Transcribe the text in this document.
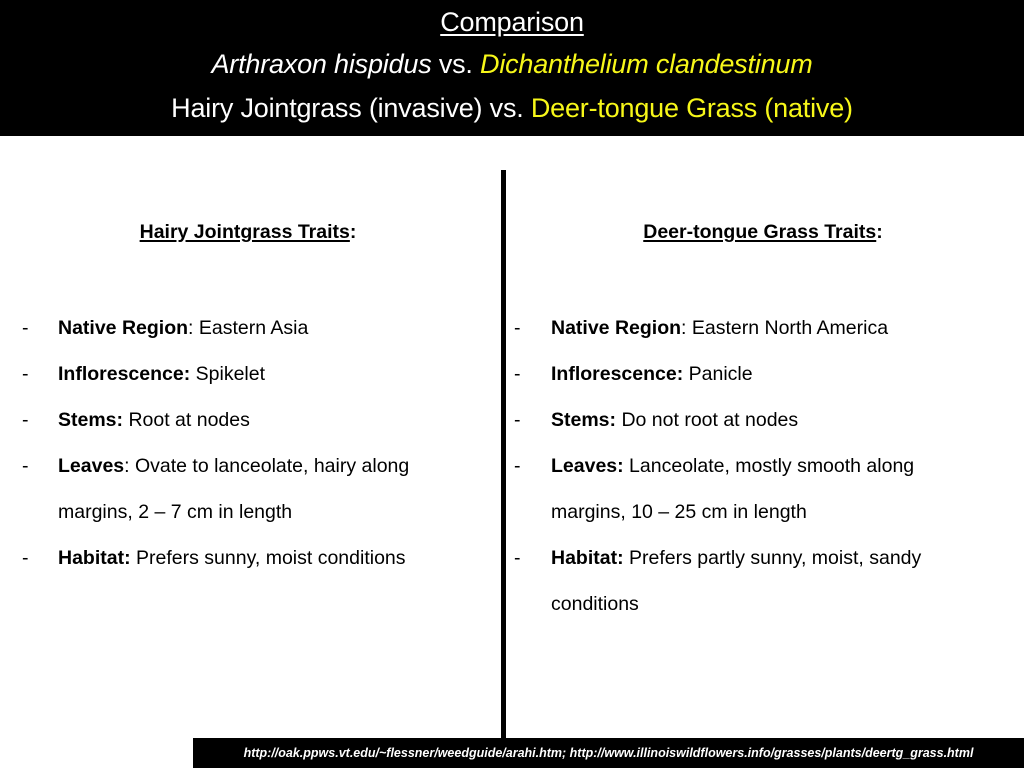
Comparison
Arthraxon hispidus vs. Dichanthelium clandestinum
Hairy Jointgrass (invasive) vs. Deer-tongue Grass (native)
Hairy Jointgrass Traits:
- Native Region: Eastern Asia
- Inflorescence: Spikelet
- Stems: Root at nodes
- Leaves: Ovate to lanceolate, hairy along margins, 2 – 7 cm in length
- Habitat: Prefers sunny, moist conditions
Deer-tongue Grass Traits:
- Native Region: Eastern North America
- Inflorescence: Panicle
- Stems: Do not root at nodes
- Leaves: Lanceolate, mostly smooth along margins, 10 – 25 cm in length
- Habitat: Prefers partly sunny, moist, sandy conditions
http://oak.ppws.vt.edu/~flessner/weedguide/arahi.htm; http://www.illinoiswildflowers.info/grasses/plants/deertg_grass.html
